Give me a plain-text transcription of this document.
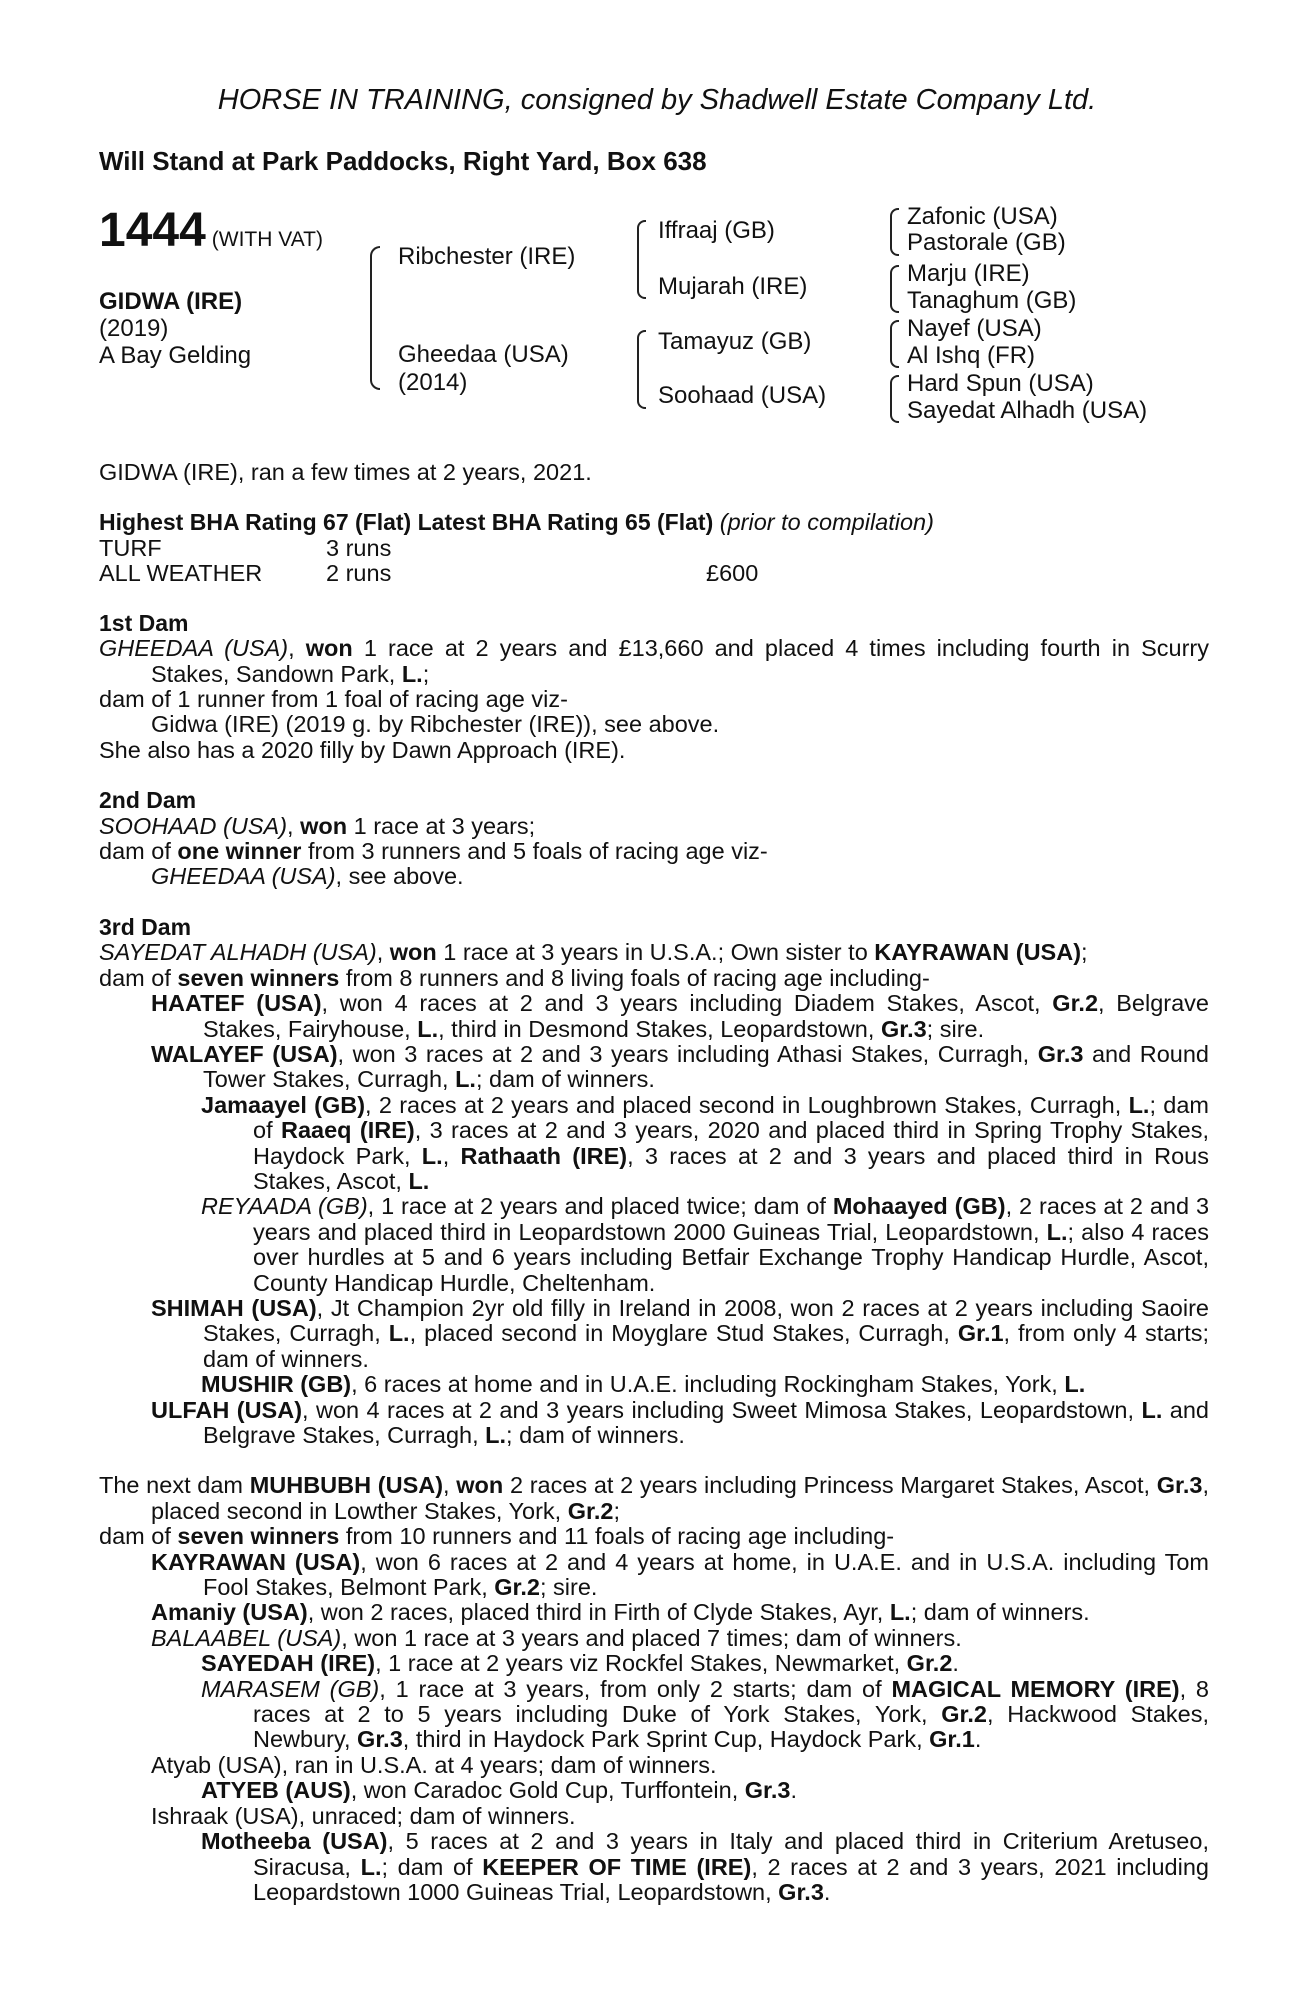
HORSE IN TRAINING, consigned by Shadwell Estate Company Ltd.
Will Stand at Park Paddocks, Right Yard, Box 638
1444 (WITH VAT)
GIDWA (IRE)
(2019)
A Bay Gelding
Ribchester (IRE)
Gheedaa (USA)
(2014)
Iffraaj (GB)
Mujarah (IRE)
Tamayuz (GB)
Soohaad (USA)
Zafonic (USA)
Pastorale (GB)
Marju (IRE)
Tanaghum (GB)
Nayef (USA)
Al Ishq (FR)
Hard Spun (USA)
Sayedat Alhadh (USA)

GIDWA (IRE), ran a few times at 2 years, 2021.

Highest BHA Rating 67 (Flat) Latest BHA Rating 65 (Flat) (prior to compilation)

TURF	3 runs	
ALL WEATHER	2 runs	£600

1st Dam

GHEEDAA (USA), won 1 race at 2 years and £13,660 and placed 4 times including fourth in Scurry Stakes, Sandown Park, L.;

dam of 1 runner from 1 foal of racing age viz-

Gidwa (IRE) (2019 g. by Ribchester (IRE)), see above.

She also has a 2020 filly by Dawn Approach (IRE).

2nd Dam

SOOHAAD (USA), won 1 race at 3 years;

dam of one winner from 3 runners and 5 foals of racing age viz-

GHEEDAA (USA), see above.

3rd Dam

SAYEDAT ALHADH (USA), won 1 race at 3 years in U.S.A.; Own sister to KAYRAWAN (USA);

dam of seven winners from 8 runners and 8 living foals of racing age including-

HAATEF (USA), won 4 races at 2 and 3 years including Diadem Stakes, Ascot, Gr.2, Belgrave Stakes, Fairyhouse, L., third in Desmond Stakes, Leopardstown, Gr.3; sire.

WALAYEF (USA), won 3 races at 2 and 3 years including Athasi Stakes, Curragh, Gr.3 and Round Tower Stakes, Curragh, L.; dam of winners.

Jamaayel (GB), 2 races at 2 years and placed second in Loughbrown Stakes, Curragh, L.; dam of Raaeq (IRE), 3 races at 2 and 3 years, 2020 and placed third in Spring Trophy Stakes, Haydock Park, L., Rathaath (IRE), 3 races at 2 and 3 years and placed third in Rous Stakes, Ascot, L.

REYAADA (GB), 1 race at 2 years and placed twice; dam of Mohaayed (GB), 2 races at 2 and 3 years and placed third in Leopardstown 2000 Guineas Trial, Leopardstown, L.; also 4 races over hurdles at 5 and 6 years including Betfair Exchange Trophy Handicap Hurdle, Ascot, County Handicap Hurdle, Cheltenham.

SHIMAH (USA), Jt Champion 2yr old filly in Ireland in 2008, won 2 races at 2 years including Saoire Stakes, Curragh, L., placed second in Moyglare Stud Stakes, Curragh, Gr.1, from only 4 starts; dam of winners.

MUSHIR (GB), 6 races at home and in U.A.E. including Rockingham Stakes, York, L.

ULFAH (USA), won 4 races at 2 and 3 years including Sweet Mimosa Stakes, Leopardstown, L. and Belgrave Stakes, Curragh, L.; dam of winners.

The next dam MUHBUBH (USA), won 2 races at 2 years including Princess Margaret Stakes, Ascot, Gr.3, placed second in Lowther Stakes, York, Gr.2;

dam of seven winners from 10 runners and 11 foals of racing age including-

KAYRAWAN (USA), won 6 races at 2 and 4 years at home, in U.A.E. and in U.S.A. including Tom Fool Stakes, Belmont Park, Gr.2; sire.

Amaniy (USA), won 2 races, placed third in Firth of Clyde Stakes, Ayr, L.; dam of winners.

BALAABEL (USA), won 1 race at 3 years and placed 7 times; dam of winners.

SAYEDAH (IRE), 1 race at 2 years viz Rockfel Stakes, Newmarket, Gr.2.

MARASEM (GB), 1 race at 3 years, from only 2 starts; dam of MAGICAL MEMORY (IRE), 8 races at 2 to 5 years including Duke of York Stakes, York, Gr.2, Hackwood Stakes, Newbury, Gr.3, third in Haydock Park Sprint Cup, Haydock Park, Gr.1.

Atyab (USA), ran in U.S.A. at 4 years; dam of winners.

ATYEB (AUS), won Caradoc Gold Cup, Turffontein, Gr.3.

Ishraak (USA), unraced; dam of winners.

Motheeba (USA), 5 races at 2 and 3 years in Italy and placed third in Criterium Aretuseo, Siracusa, L.; dam of KEEPER OF TIME (IRE), 2 races at 2 and 3 years, 2021 including Leopardstown 1000 Guineas Trial, Leopardstown, Gr.3.
